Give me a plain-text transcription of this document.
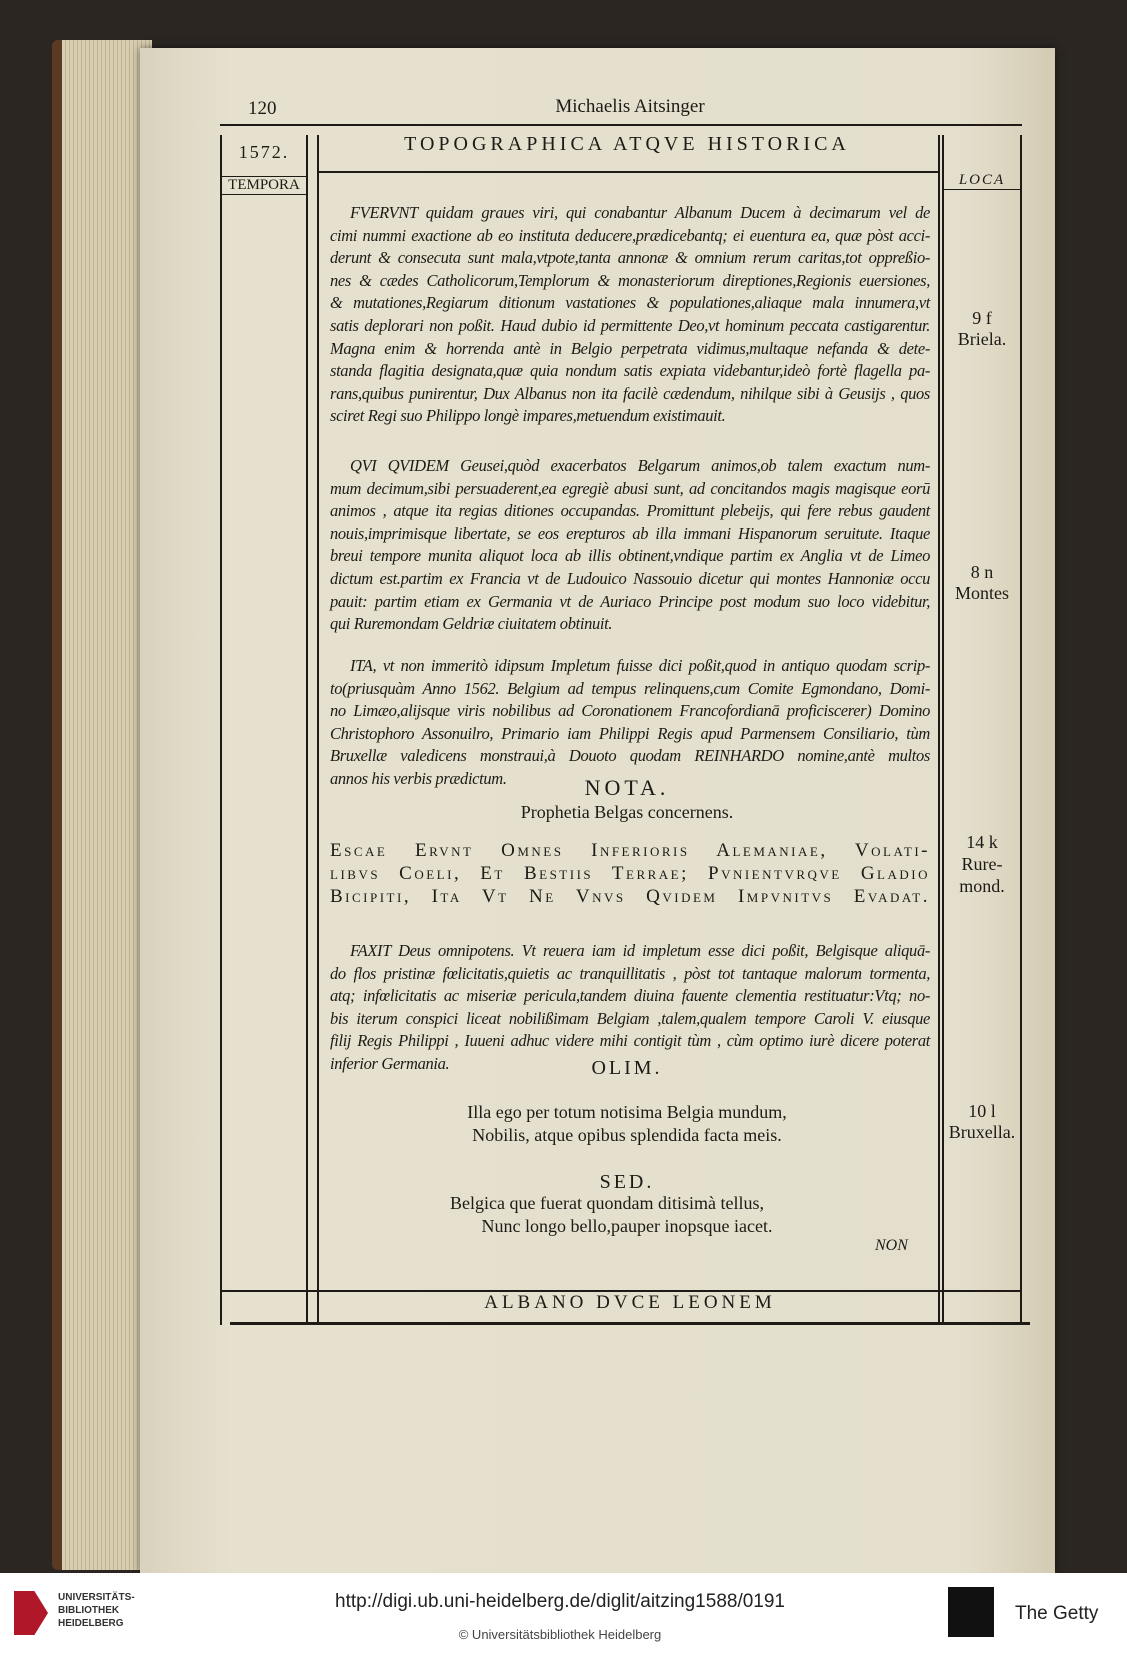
120	Michaelis Aitsinger
1572.
TEMPORA	LOCA
TOPOGRAPHICA ATQVE HISTORICA
FVERVNT quidam graues viri, qui conabantur Albanum Ducem à decimarum vel de
cimi nummi exactione ab eo instituta deducere,prædicebantq; ei euentura ea, quæ pòst acci-
derunt & consecuta sunt mala,vtpote,tanta annonæ & omnium rerum caritas,tot oppreßio-
nes & cædes Catholicorum,Templorum & monasteriorum direptiones,Regionis euersiones,
& mutationes,Regiarum ditionum vastationes & populationes,aliaque mala innumera,vt
satis deplorari non poßit. Haud dubio id permittente Deo,vt hominum peccata castigarentur.
Magna enim & horrenda antè in Belgio perpetrata vidimus,multaque nefanda & dete-
standa flagitia designata,quæ quia nondum satis expiata videbantur,ideò fortè flagella pa-
rans,quibus punirentur, Dux Albanus non ita facilè cædendum, nihilque sibi à Geusijs , quos
sciret Regi suo Philippo longè impares,metuendum existimauit.
QVI QVIDEM Geusei,quòd exacerbatos Belgarum animos,ob talem exactum num-
mum decimum,sibi persuaderent,ea egregiè abusi sunt, ad concitandos magis magisque eorū
animos , atque ita regias ditiones occupandas. Promittunt plebeijs, qui fere rebus gaudent
nouis,imprimisque libertate, se eos erepturos ab illa immani Hispanorum seruitute. Itaque
breui tempore munita aliquot loca ab illis obtinent,vndique partim ex Anglia vt de Limeo
dictum est.partim ex Francia vt de Ludouico Nassouio dicetur qui montes Hannoniæ occu
pauit: partim etiam ex Germania vt de Auriaco Principe post modum suo loco videbitur,
qui Ruremondam Geldriæ ciuitatem obtinuit.
ITA, vt non immeritò idipsum Impletum fuisse dici poßit,quod in antiquo quodam scrip-
to(priusquàm Anno 1562. Belgium ad tempus relinquens,cum Comite Egmondano, Domi-
no Limæo,alijsque viris nobilibus ad Coronationem Francofordianā proficiscerer) Domino
Christophoro Assonuilro, Primario iam Philippi Regis apud Parmensem Consiliario, tùm
Bruxellæ valedicens monstraui,à Douoto quodam REINHARDO nomine,antè multos
annos his verbis prædictum.
FAXIT Deus omnipotens. Vt reuera iam id impletum esse dici poßit, Belgisque aliquā-
do flos pristinæ fœlicitatis,quietis ac tranquillitatis , pòst tot tantaque malorum tormenta,
atq; infœlicitatis ac miseriæ pericula,tandem diuina fauente clementia restituatur:Vtq; no-
bis iterum conspici liceat nobilißimam Belgiam ,talem,qualem tempore Caroli V. eiusque
filij Regis Philippi , Iuueni adhuc videre mihi contigit tùm , cùm optimo iurè dicere poterat
inferior Germania.
NOTA.
Prophetia Belgas concernens.
Escae Ervnt Omnes Inferioris Alemaniae, Volati-
libvs Coeli, Et Bestiis Terrae; Pvnientvrqve Gladio
Bicipiti, Ita Vt Ne Vnvs Qvidem Impvnitvs Evadat.
OLIM.
Illa ego per totum notisima Belgia mundum,
Nobilis, atque opibus splendida facta meis.
SED.
Belgica que fuerat quondam ditisimà tellus,
Nunc longo bello,pauper inopsque iacet.
NON
ALBANO DVCE LEONEM
9 f
Briela.
8 n
Montes
14 k
Rure-
mond.
10 l
Bruxella.
UNIVERSITÄTS-
BIBLIOTHEK
HEIDELBERG
http://digi.ub.uni-heidelberg.de/diglit/aitzing1588/0191
© Universitätsbibliothek Heidelberg
The Getty
